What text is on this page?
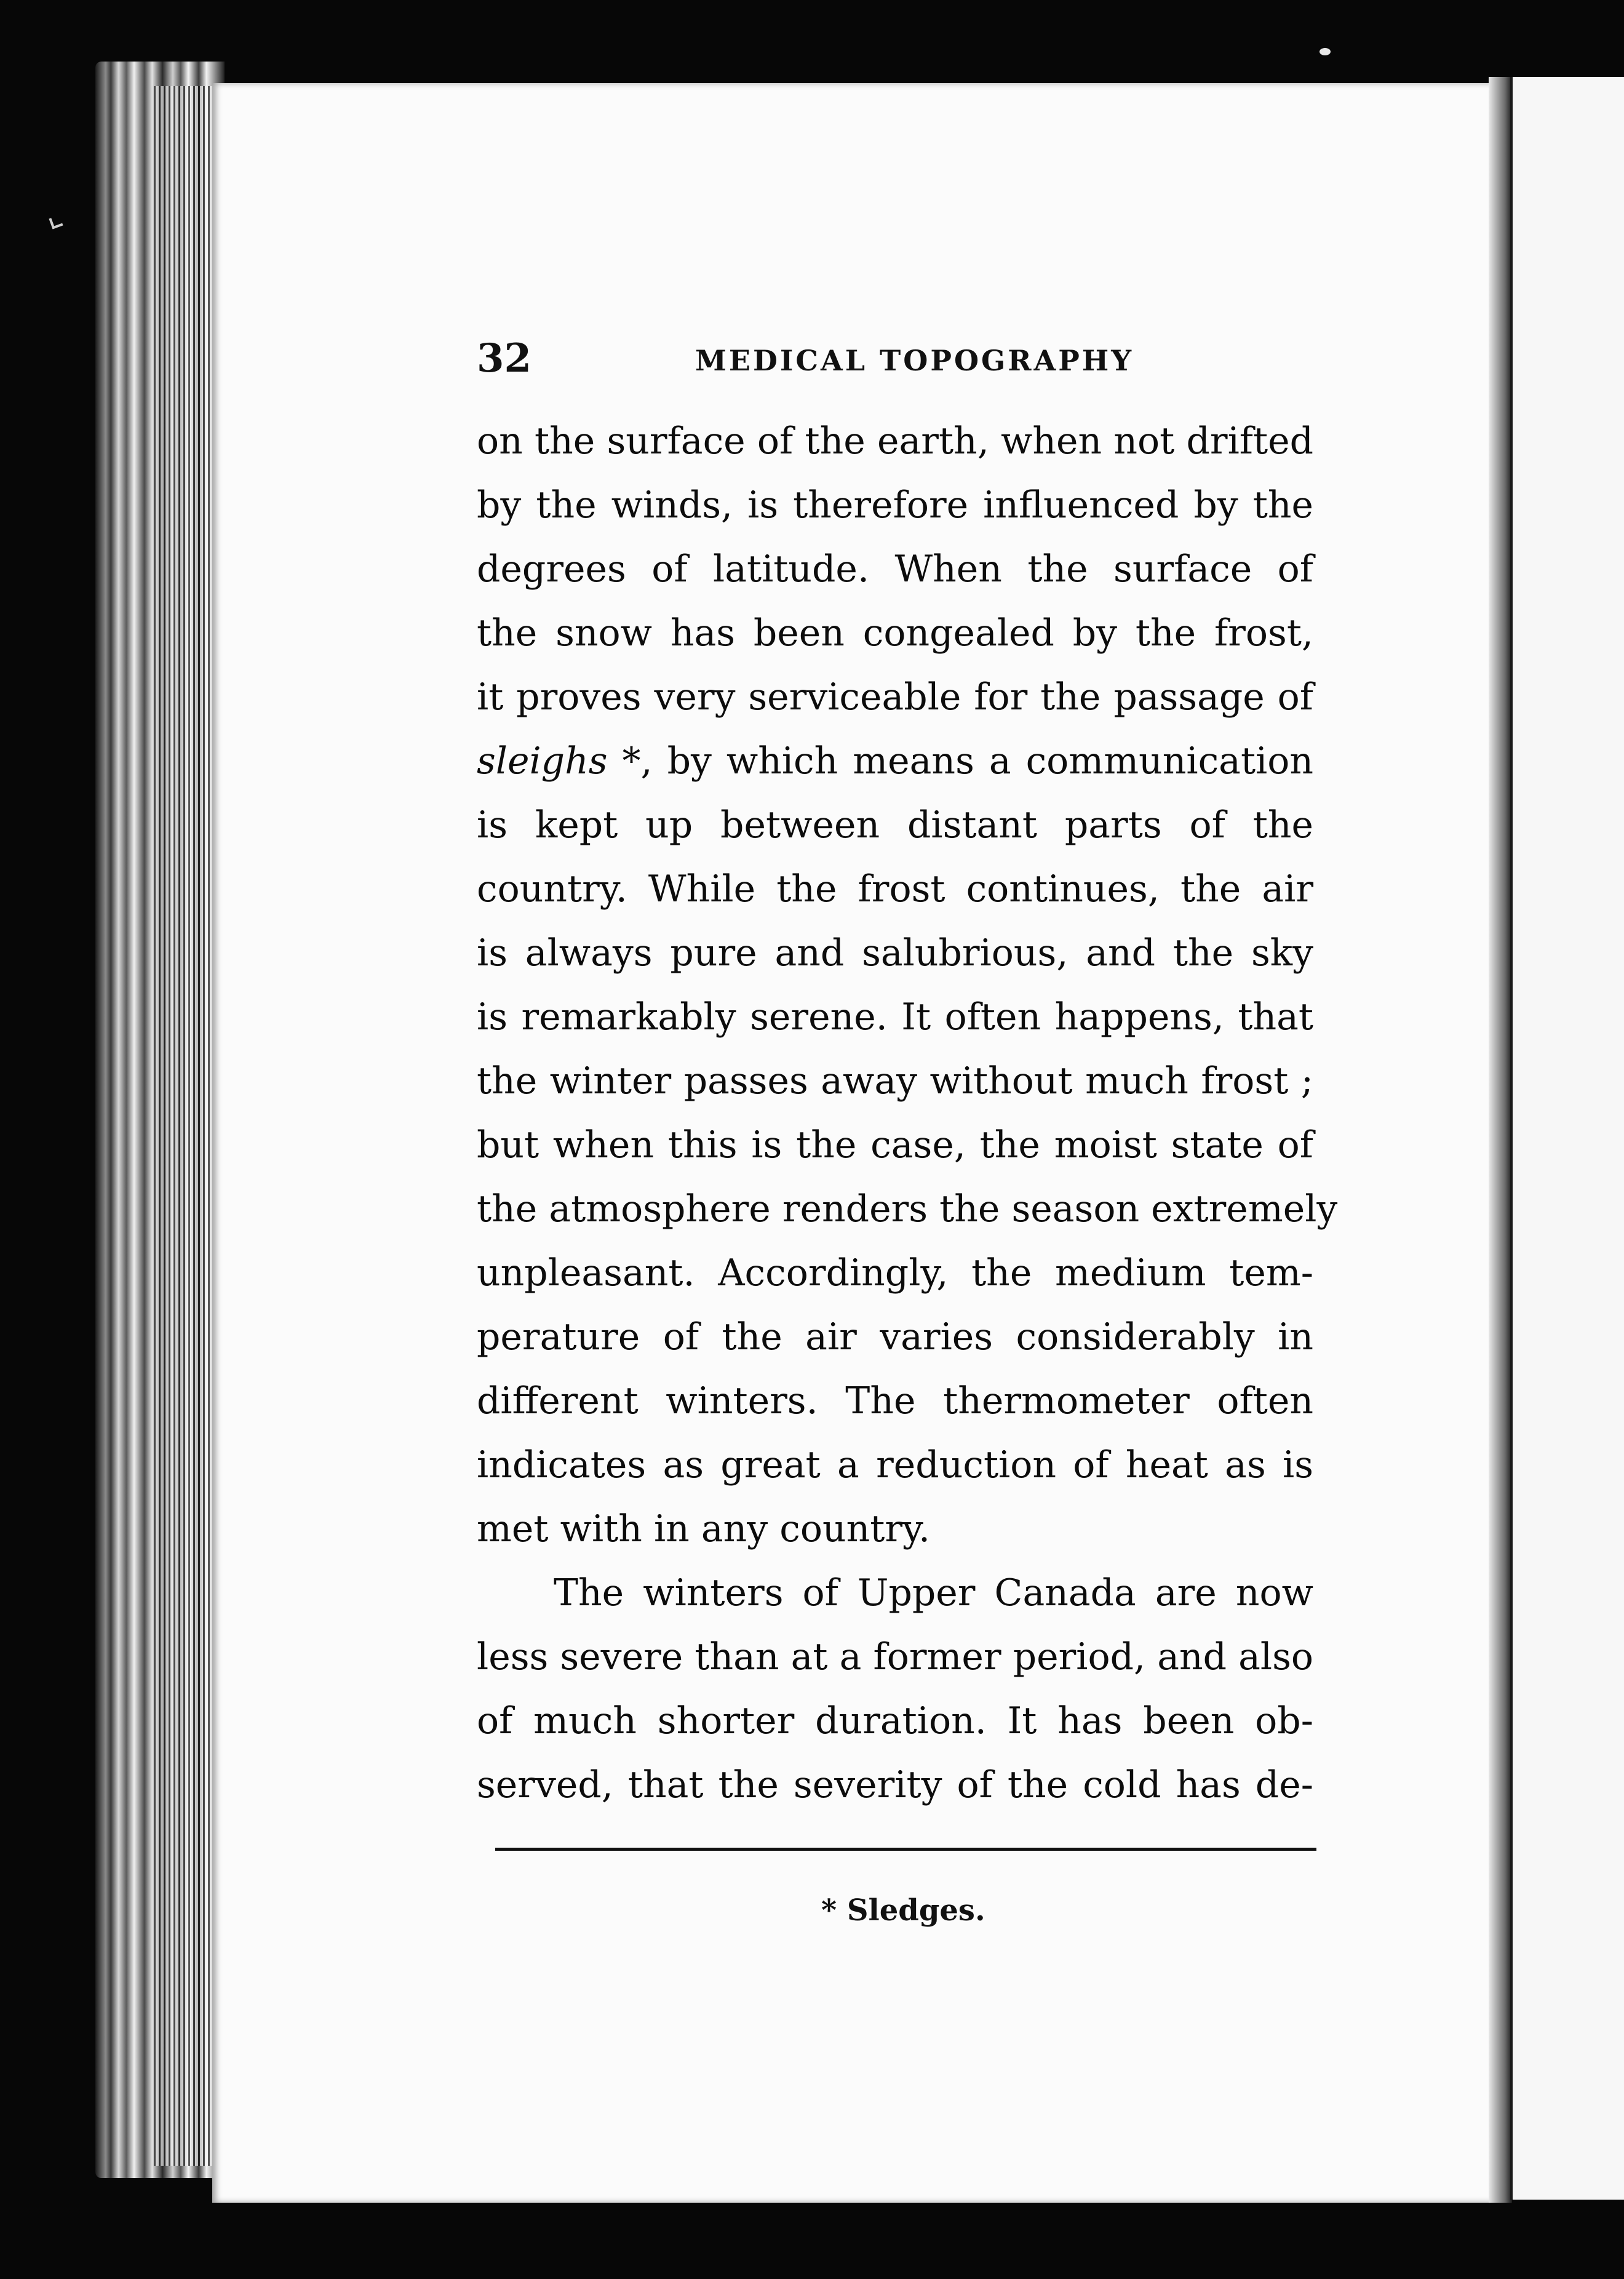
32	MEDICAL TOPOGRAPHY
on the surface of the earth, when not drifted
by the winds, is therefore influenced by the
degrees of latitude. When the surface of
the snow has been congealed by the frost,
it proves very serviceable for the passage of
sleighs *, by which means a communication
is kept up between distant parts of the
country. While the frost continues, the air
is always pure and salubrious, and the sky
is remarkably serene. It often happens, that
the winter passes away without much frost ;
but when this is the case, the moist state of
the atmosphere renders the season extremely
unpleasant. Accordingly, the medium tem-
perature of the air varies considerably in
different winters. The thermometer often
indicates as great a reduction of heat as is
met with in any country.
The winters of Upper Canada are now
less severe than at a former period, and also
of much shorter duration. It has been ob-
served, that the severity of the cold has de-
* Sledges.
